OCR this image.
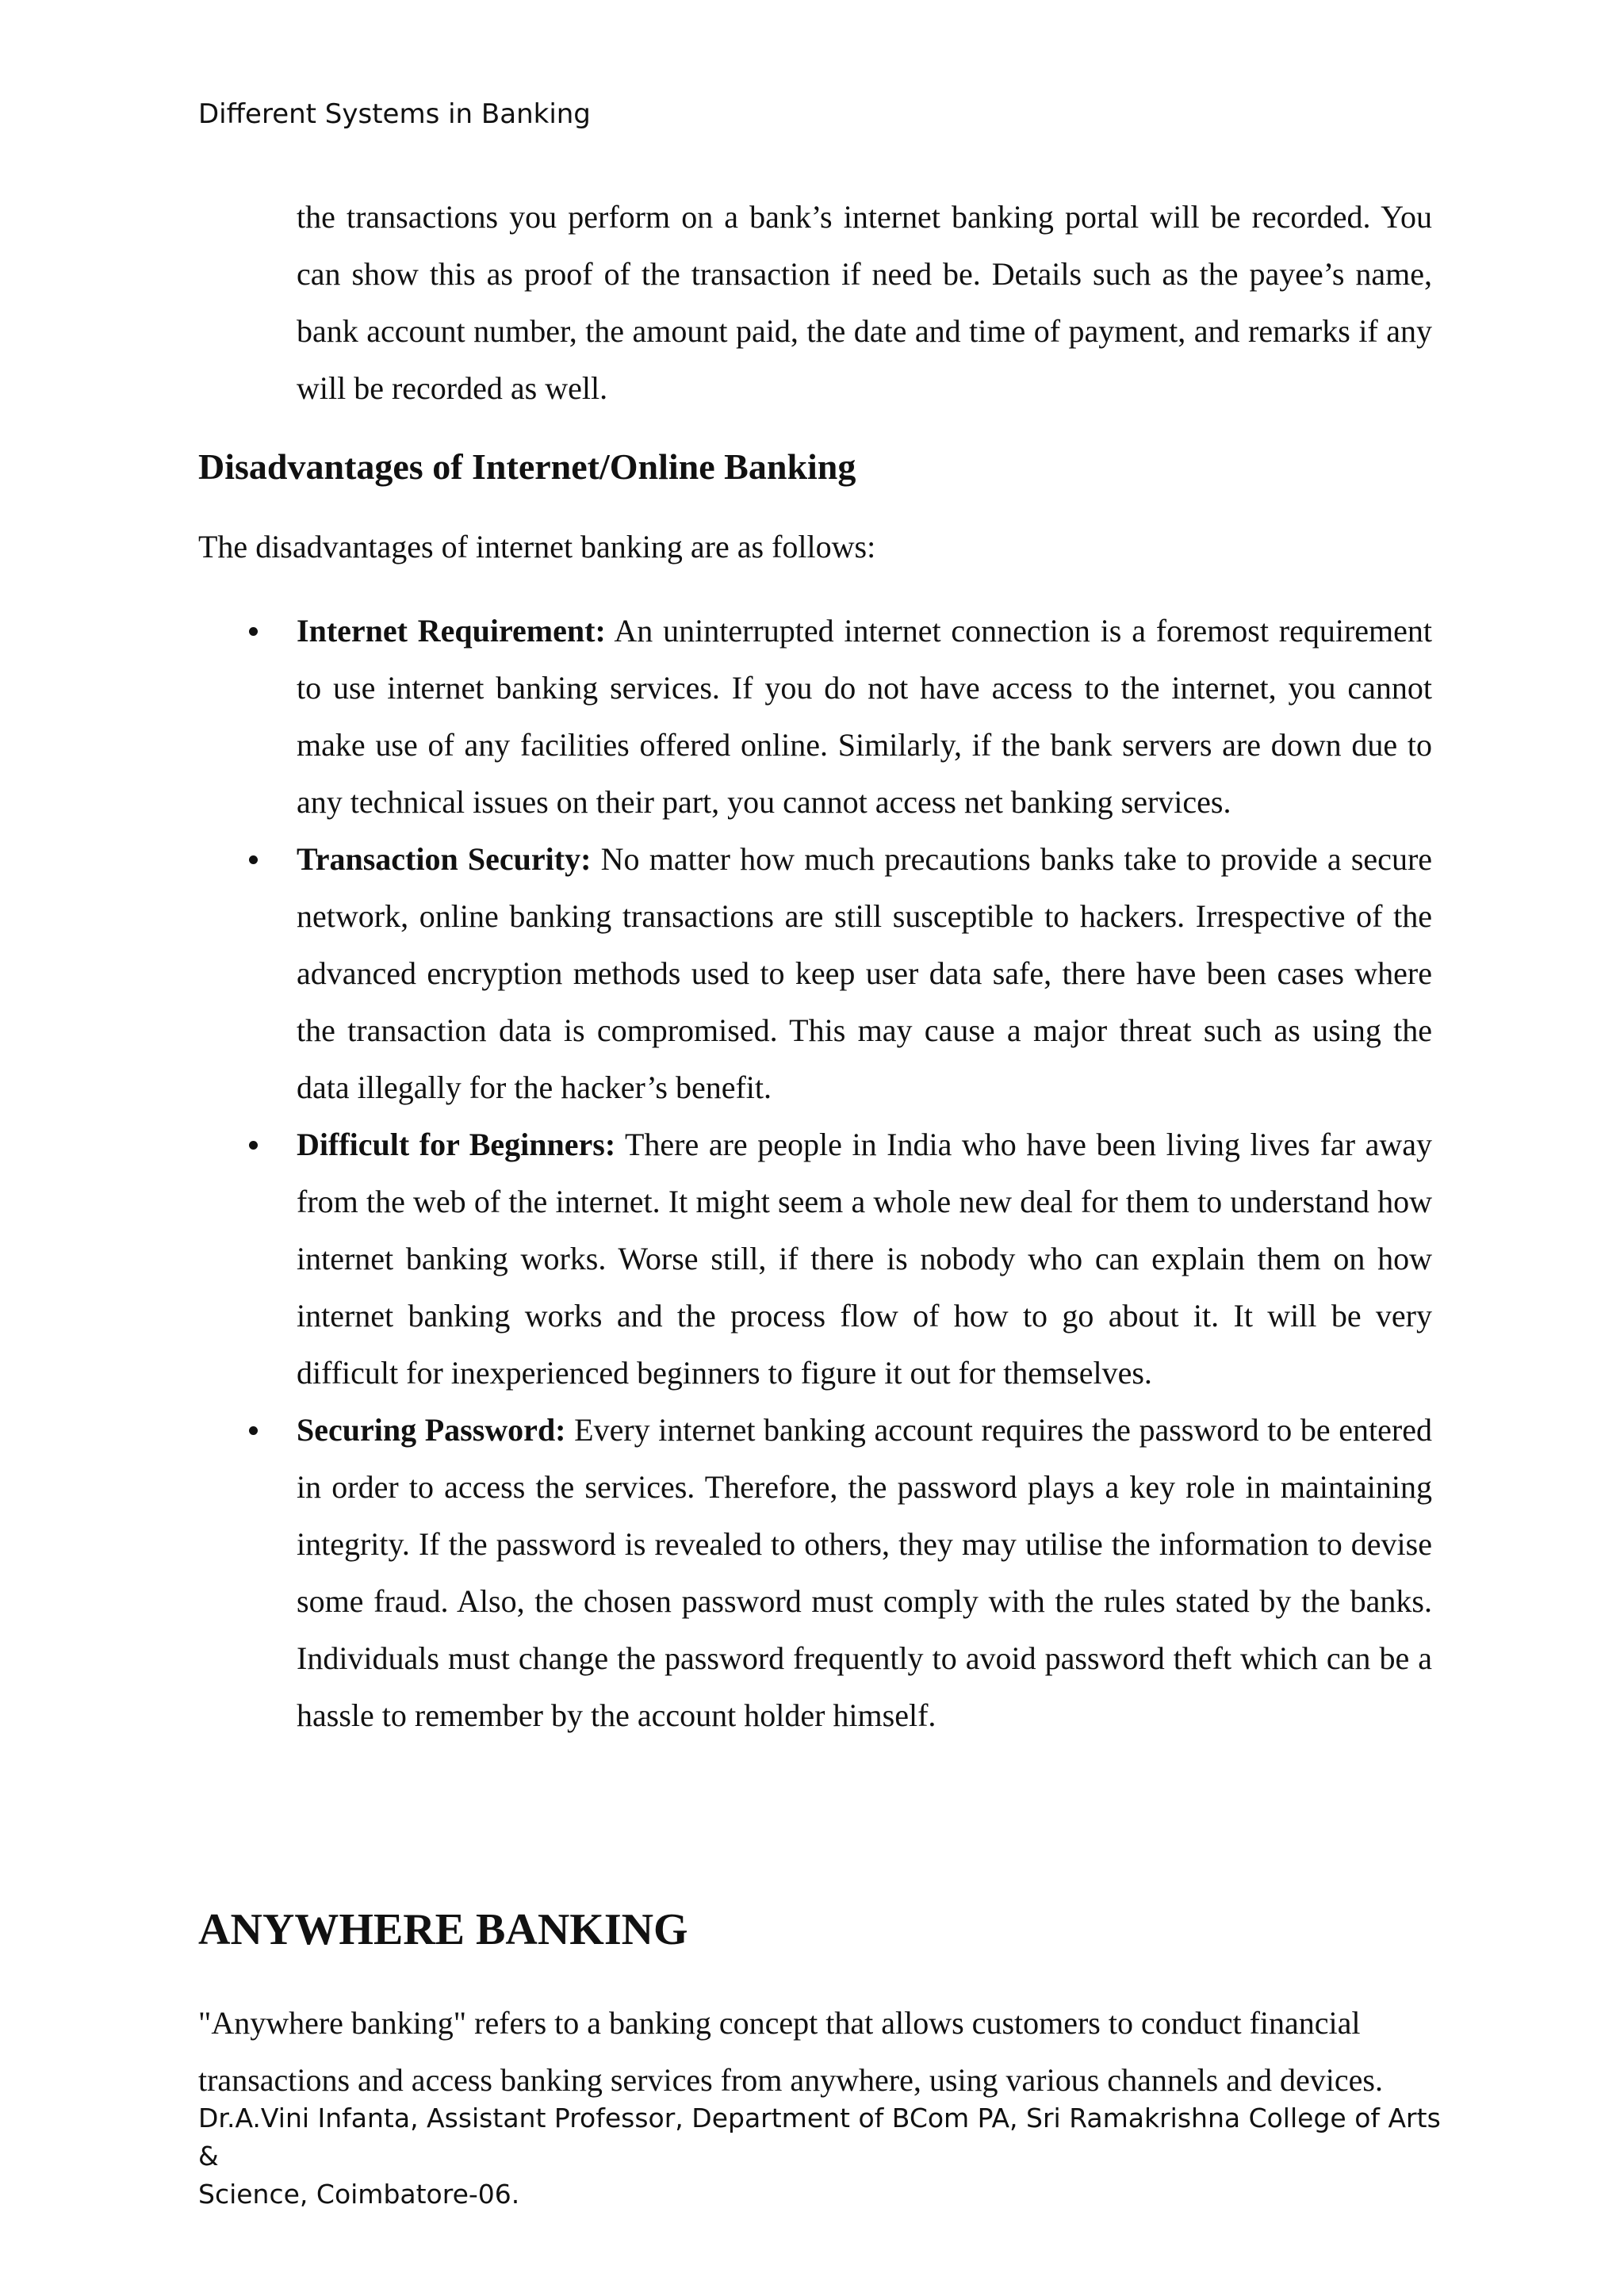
Different Systems in Banking

the transactions you perform on a bank’s internet banking portal will be recorded. You can show this as proof of the transaction if need be. Details such as the payee’s name, bank account number, the amount paid, the date and time of payment, and remarks if any will be recorded as well.

Disadvantages of Internet/Online Banking

The disadvantages of internet banking are as follows:

Internet Requirement: An uninterrupted internet connection is a foremost requirement to use internet banking services. If you do not have access to the internet, you cannot make use of any facilities offered online. Similarly, if the bank servers are down due to any technical issues on their part, you cannot access net banking services.
Transaction Security: No matter how much precautions banks take to provide a secure network, online banking transactions are still susceptible to hackers. Irrespective of the advanced encryption methods used to keep user data safe, there have been cases where the transaction data is compromised. This may cause a major threat such as using the data illegally for the hacker’s benefit.
Difficult for Beginners: There are people in India who have been living lives far away from the web of the internet. It might seem a whole new deal for them to understand how internet banking works. Worse still, if there is nobody who can explain them on how internet banking works and the process flow of how to go about it. It will be very difficult for inexperienced beginners to figure it out for themselves.
Securing Password: Every internet banking account requires the password to be entered in order to access the services. Therefore, the password plays a key role in maintaining integrity. If the password is revealed to others, they may utilise the information to devise some fraud. Also, the chosen password must comply with the rules stated by the banks. Individuals must change the password frequently to avoid password theft which can be a hassle to remember by the account holder himself.
ANYWHERE BANKING

"Anywhere banking" refers to a banking concept that allows customers to conduct financial
transactions and access banking services from anywhere, using various channels and devices.

Dr.A.Vini Infanta, Assistant Professor, Department of BCom PA, Sri Ramakrishna College of Arts &
Science, Coimbatore-06.
